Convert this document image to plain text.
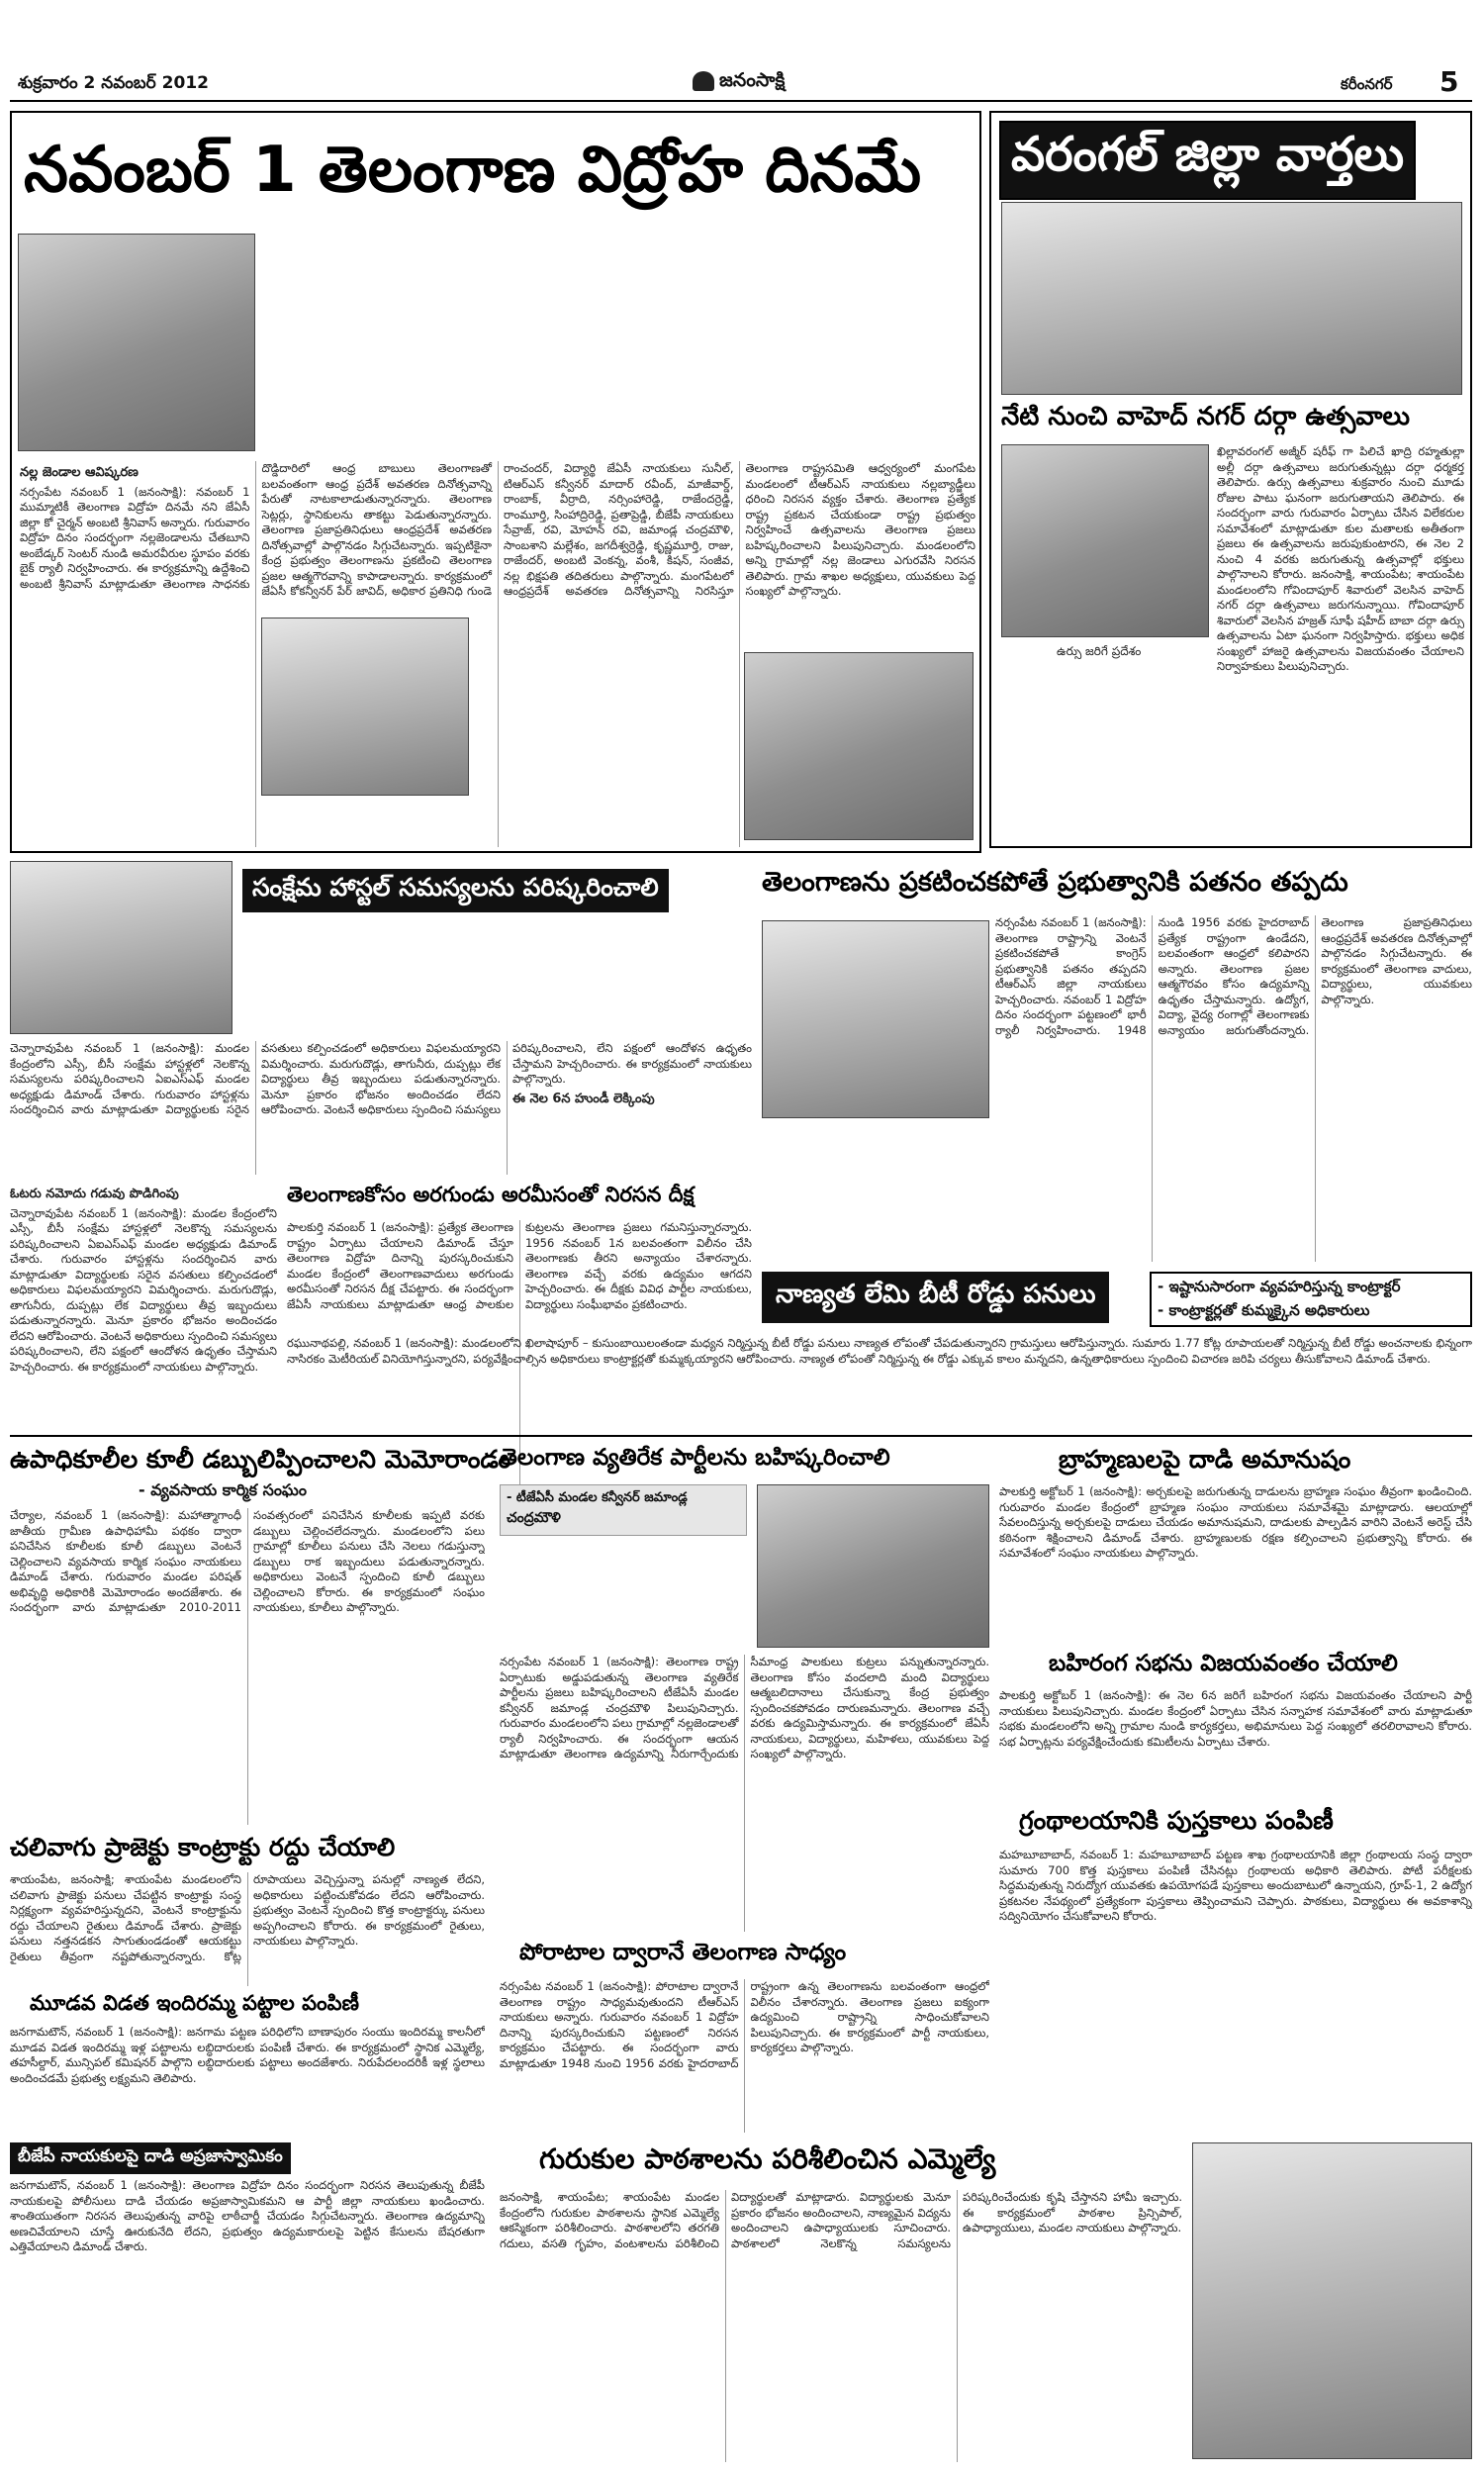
శుక్రవారం 2 నవంబర్ 2012	జనంసాక్షి	కరీంనగర్ 5
నవంబర్ 1 తెలంగాణ విద్రోహ దినమే
నల్ల జెండాల ఆవిష్కరణ
నర్సంపేట నవంబర్ 1 (జనంసాక్షి): నవంబర్ 1 ముమ్మాటికీ తెలంగాణ విద్రోహ దినమే నని జేఏసీ జిల్లా కో చైర్మన్ అంబటి శ్రీనివాస్ అన్నారు. గురువారం విద్రోహ దినం సందర్భంగా నల్లజెండాలను చేతబూని అంబేడ్కర్ సెంటర్ నుండి అమరవీరుల స్థూపం వరకు బైక్ ర్యాలీ నిర్వహించారు. ఈ కార్యక్రమాన్ని ఉద్దేశించి అంబటి శ్రీనివాస్ మాట్లాడుతూ తెలంగాణ సాధనకు దొడ్డిదారిలో ఆంధ్ర బాబులు తెలంగాణతో బలవంతంగా ఆంధ్ర ప్రదేశ్ అవతరణ దినోత్సవాన్ని పేరుతో నాటకాలాడుతున్నారన్నారు. తెలంగాణ సెట్లర్లు, స్థానికులను తాకట్టు పెడుతున్నారన్నారు. తెలంగాణ ప్రజాప్రతినిధులు ఆంధ్రప్రదేశ్ అవతరణ దినోత్సవాల్లో పాల్గొనడం సిగ్గుచేటన్నారు. ఇప్పటికైనా కేంద్ర ప్రభుత్వం తెలంగాణను ప్రకటించి తెలంగాణ ప్రజల ఆత్మగౌరవాన్ని కాపాడాలన్నారు. కార్యక్రమంలో జేఏసీ కోకన్వీనర్ పేర్ జావిద్, అధికార ప్రతినిధి గుండె రాంచందర్, విద్యార్థి జేఏసీ నాయకులు సునీల్, టిఆర్ఎస్ కన్వీనర్ మాదార్ రవీంద్, మాజీవార్డ్, రాంబాక్, వీర్రాది, నర్సింహారెడ్డి, రాజేందర్రెడ్డి, రాంమూర్తి, సింహాద్రిరెడ్డి, ప్రతాప్రెడ్డి, బీజేపీ నాయకులు సేవ్రాజ్, రవి, మోహన్ రవి, జమాండ్ల చంద్రమౌళి, సాంబశాని మల్లేశం, జగదీశ్వర్రెడ్డి, కృష్ణమూర్తి, రాజు, రాజేందర్, అంబటి వెంకన్న, వంశీ, కిషన్, సంజీవ, నల్ల భిక్షపతి తదితరులు పాల్గొన్నారు. మంగపేటలో ఆంధ్రప్రదేశ్ అవతరణ దినోత్సవాన్ని నిరసిస్తూ తెలంగాణ రాష్ట్రసమితి ఆధ్వర్యంలో మంగపేట మండలంలో టీఆర్ఎస్ నాయకులు నల్లబ్యాడ్జీలు ధరించి నిరసన వ్యక్తం చేశారు. తెలంగాణ ప్రత్యేక రాష్ట్ర ప్రకటన చేయకుండా రాష్ట్ర ప్రభుత్వం నిర్వహించే ఉత్సవాలను తెలంగాణ ప్రజలు బహిష్కరించాలని పిలుపునిచ్చారు. మండలంలోని అన్ని గ్రామాల్లో నల్ల జెండాలు ఎగురవేసి నిరసన తెలిపారు. గ్రామ శాఖల అధ్యక్షులు, యువకులు పెద్ద సంఖ్యలో పాల్గొన్నారు.
వరంగల్ జిల్లా వార్తలు
నేటి నుంచి వాహెద్ నగర్ దర్గా ఉత్సవాలు
ఉర్సు జరిగే ప్రదేశం
ఖిల్లావరంగల్ అజ్మీర్ షరీఫ్ గా పిలిచే ఖాద్రి రహ్మతుల్లా అల్లీ దర్గా ఉత్సవాలు జరుగుతున్నట్లు దర్గా ధర్మకర్త తెలిపారు. ఉర్సు ఉత్సవాలు శుక్రవారం నుంచి మూడు రోజుల పాటు ఘనంగా జరుగుతాయని తెలిపారు. ఈ సందర్భంగా వారు గురువారం ఏర్పాటు చేసిన విలేకరుల సమావేశంలో మాట్లాడుతూ కుల మతాలకు అతీతంగా ప్రజలు ఈ ఉత్సవాలను జరుపుకుంటారని, ఈ నెల 2 నుంచి 4 వరకు జరుగుతున్న ఉత్సవాల్లో భక్తులు పాల్గొనాలని కోరారు. జనంసాక్షి, శాయంపేట; శాయంపేట మండలంలోని గోవిందాపూర్ శివారులో వెలసిన వాహెద్ నగర్ దర్గా ఉత్సవాలు జరుగనున్నాయి. గోవిందాపూర్ శివారులో వెలసిన హజ్రత్ సూఫీ షహీద్ బాబా దర్గా ఉర్సు ఉత్సవాలను ఏటా ఘనంగా నిర్వహిస్తారు. భక్తులు అధిక సంఖ్యలో హాజరై ఉత్సవాలను విజయవంతం చేయాలని నిర్వాహకులు పిలుపునిచ్చారు.
సంక్షేమ హాస్టల్ సమస్యలను పరిష్కరించాలి
చెన్నారావుపేట నవంబర్ 1 (జనంసాక్షి): మండల కేంద్రంలోని ఎస్సీ, బీసీ సంక్షేమ హాస్టళ్లలో నెలకొన్న సమస్యలను పరిష్కరించాలని ఏఐఎస్ఎఫ్ మండల అధ్యక్షుడు డిమాండ్ చేశారు. గురువారం హాస్టళ్లను సందర్శించిన వారు మాట్లాడుతూ విద్యార్థులకు సరైన వసతులు కల్పించడంలో అధికారులు విఫలమయ్యారని విమర్శించారు. మరుగుదొడ్లు, తాగునీరు, దుప్పట్లు లేక విద్యార్థులు తీవ్ర ఇబ్బందులు పడుతున్నారన్నారు. మెనూ ప్రకారం భోజనం అందించడం లేదని ఆరోపించారు. వెంటనే అధికారులు స్పందించి సమస్యలు పరిష్కరించాలని, లేని పక్షంలో ఆందోళన ఉధృతం చేస్తామని హెచ్చరించారు. ఈ కార్యక్రమంలో నాయకులు పాల్గొన్నారు.
ఈ నెల 6న హుండీ లెక్కింపు
తెలంగాణను ప్రకటించకపోతే ప్రభుత్వానికి పతనం తప్పదు
నర్సంపేట నవంబర్ 1 (జనంసాక్షి): తెలంగాణ రాష్ట్రాన్ని వెంటనే ప్రకటించకపోతే కాంగ్రెస్ ప్రభుత్వానికి పతనం తప్పదని టీఆర్ఎస్ జిల్లా నాయకులు హెచ్చరించారు. నవంబర్ 1 విద్రోహ దినం సందర్భంగా పట్టణంలో భారీ ర్యాలీ నిర్వహించారు. 1948 నుండి 1956 వరకు హైదరాబాద్ ప్రత్యేక రాష్ట్రంగా ఉండేదని, బలవంతంగా ఆంధ్రలో కలిపారని అన్నారు. తెలంగాణ ప్రజల ఆత్మగౌరవం కోసం ఉద్యమాన్ని ఉధృతం చేస్తామన్నారు. ఉద్యోగ, విద్యా, వైద్య రంగాల్లో తెలంగాణకు అన్యాయం జరుగుతోందన్నారు. తెలంగాణ ప్రజాప్రతినిధులు ఆంధ్రప్రదేశ్ అవతరణ దినోత్సవాల్లో పాల్గొనడం సిగ్గుచేటన్నారు. ఈ కార్యక్రమంలో తెలంగాణ వాదులు, విద్యార్థులు, యువకులు పాల్గొన్నారు.
తెలంగాణకోసం అరగుండు అరమీసంతో నిరసన దీక్ష
పాలకుర్తి నవంబర్ 1 (జనంసాక్షి): ప్రత్యేక తెలంగాణ రాష్ట్రం ఏర్పాటు చేయాలని డిమాండ్ చేస్తూ తెలంగాణ విద్రోహ దినాన్ని పురస్కరించుకుని మండల కేంద్రంలో తెలంగాణవాదులు అరగుండు అరమీసంతో నిరసన దీక్ష చేపట్టారు. ఈ సందర్భంగా జేఏసీ నాయకులు మాట్లాడుతూ ఆంధ్ర పాలకుల కుట్రలను తెలంగాణ ప్రజలు గమనిస్తున్నారన్నారు. 1956 నవంబర్ 1న బలవంతంగా విలీనం చేసి తెలంగాణకు తీరని అన్యాయం చేశారన్నారు. తెలంగాణ వచ్చే వరకు ఉద్యమం ఆగదని హెచ్చరించారు. ఈ దీక్షకు వివిధ పార్టీల నాయకులు, విద్యార్థులు సంఘీభావం ప్రకటించారు.
ఓటరు నమోదు గడువు పొడిగింపు
చెన్నారావుపేట నవంబర్ 1 (జనంసాక్షి): మండల కేంద్రంలోని ఎస్సీ, బీసీ సంక్షేమ హాస్టళ్లలో నెలకొన్న సమస్యలను పరిష్కరించాలని ఏఐఎస్ఎఫ్ మండల అధ్యక్షుడు డిమాండ్ చేశారు. గురువారం హాస్టళ్లను సందర్శించిన వారు మాట్లాడుతూ విద్యార్థులకు సరైన వసతులు కల్పించడంలో అధికారులు విఫలమయ్యారని విమర్శించారు. మరుగుదొడ్లు, తాగునీరు, దుప్పట్లు లేక విద్యార్థులు తీవ్ర ఇబ్బందులు పడుతున్నారన్నారు. మెనూ ప్రకారం భోజనం అందించడం లేదని ఆరోపించారు. వెంటనే అధికారులు స్పందించి సమస్యలు పరిష్కరించాలని, లేని పక్షంలో ఆందోళన ఉధృతం చేస్తామని హెచ్చరించారు. ఈ కార్యక్రమంలో నాయకులు పాల్గొన్నారు.
నాణ్యత లేమి బీటీ రోడ్డు పనులు	- ఇష్టానుసారంగా వ్యవహరిస్తున్న కాంట్రాక్టర్
- కాంట్రాక్టర్లతో కుమ్మక్కైన అధికారులు
రఘునాథపల్లి, నవంబర్ 1 (జనంసాక్షి): మండలంలోని ఖిలాషాపూర్ – కుసుంబాయిలంతండా మధ్యన నిర్మిస్తున్న బీటీ రోడ్డు పనులు నాణ్యత లోపంతో చేపడుతున్నారని గ్రామస్తులు ఆరోపిస్తున్నారు. సుమారు 1.77 కోట్ల రూపాయలతో నిర్మిస్తున్న బీటీ రోడ్డు అంచనాలకు భిన్నంగా నాసిరకం మెటీరియల్ వినియోగిస్తున్నారని, పర్యవేక్షించాల్సిన అధికారులు కాంట్రాక్టర్లతో కుమ్మక్కయ్యారని ఆరోపించారు. నాణ్యత లోపంతో నిర్మిస్తున్న ఈ రోడ్డు ఎక్కువ కాలం మన్నదని, ఉన్నతాధికారులు స్పందించి విచారణ జరిపి చర్యలు తీసుకోవాలని డిమాండ్ చేశారు.
ఉపాధికూలీల కూలీ డబ్బులిప్పించాలని మెమోరాండం
- వ్యవసాయ కార్మిక సంఘం
చేర్యాల, నవంబర్ 1 (జనంసాక్షి): మహాత్మాగాంధీ జాతీయ గ్రామీణ ఉపాధిహామీ పథకం ద్వారా పనిచేసిన కూలీలకు కూలీ డబ్బులు వెంటనే చెల్లించాలని వ్యవసాయ కార్మిక సంఘం నాయకులు డిమాండ్ చేశారు. గురువారం మండల పరిషత్ అభివృద్ధి అధికారికి మెమోరాండం అందజేశారు. ఈ సందర్భంగా వారు మాట్లాడుతూ 2010-2011 సంవత్సరంలో పనిచేసిన కూలీలకు ఇప్పటి వరకు డబ్బులు చెల్లించలేదన్నారు. మండలంలోని పలు గ్రామాల్లో కూలీలు పనులు చేసి నెలలు గడుస్తున్నా డబ్బులు రాక ఇబ్బందులు పడుతున్నారన్నారు. అధికారులు వెంటనే స్పందించి కూలీ డబ్బులు చెల్లించాలని కోరారు. ఈ కార్యక్రమంలో సంఘం నాయకులు, కూలీలు పాల్గొన్నారు.
చలివాగు ప్రాజెక్టు కాంట్రాక్టు రద్దు చేయాలి
శాయంపేట, జనంసాక్షి; శాయంపేట మండలంలోని చలివాగు ప్రాజెక్టు పనులు చేపట్టిన కాంట్రాక్టు సంస్థ నిర్లక్ష్యంగా వ్యవహరిస్తున్నదని, వెంటనే కాంట్రాక్టును రద్దు చేయాలని రైతులు డిమాండ్ చేశారు. ప్రాజెక్టు పనులు నత్తనడకన సాగుతుండడంతో ఆయకట్టు రైతులు తీవ్రంగా నష్టపోతున్నారన్నారు. కోట్ల రూపాయలు వెచ్చిస్తున్నా పనుల్లో నాణ్యత లేదని, అధికారులు పట్టించుకోవడం లేదని ఆరోపించారు. ప్రభుత్వం వెంటనే స్పందించి కొత్త కాంట్రాక్టర్కు పనులు అప్పగించాలని కోరారు. ఈ కార్యక్రమంలో రైతులు, నాయకులు పాల్గొన్నారు.
మూడవ విడత ఇందిరమ్మ పట్టాల పంపిణీ
జనగామటౌన్, నవంబర్ 1 (జనంసాక్షి): జనగామ పట్టణ పరిధిలోని బాణాపురం సంయు ఇందిరమ్మ కాలనీలో మూడవ విడత ఇందిరమ్మ ఇళ్ల పట్టాలను లబ్ధిదారులకు పంపిణీ చేశారు. ఈ కార్యక్రమంలో స్థానిక ఎమ్మెల్యే, తహసీల్దార్, మున్సిపల్ కమిషనర్ పాల్గొని లబ్ధిదారులకు పట్టాలు అందజేశారు. నిరుపేదలందరికీ ఇళ్ల స్థలాలు అందించడమే ప్రభుత్వ లక్ష్యమని తెలిపారు.
బీజేపీ నాయకులపై దాడి అప్రజాస్వామికం
జనగామటౌన్, నవంబర్ 1 (జనంసాక్షి): తెలంగాణ విద్రోహ దినం సందర్భంగా నిరసన తెలుపుతున్న బీజేపీ నాయకులపై పోలీసులు దాడి చేయడం అప్రజాస్వామికమని ఆ పార్టీ జిల్లా నాయకులు ఖండించారు. శాంతియుతంగా నిరసన తెలుపుతున్న వారిపై లాఠీచార్జీ చేయడం సిగ్గుచేటన్నారు. తెలంగాణ ఉద్యమాన్ని అణచివేయాలని చూస్తే ఊరుకునేది లేదని, ప్రభుత్వం ఉద్యమకారులపై పెట్టిన కేసులను బేషరతుగా ఎత్తివేయాలని డిమాండ్ చేశారు.
తెలంగాణ వ్యతిరేక పార్టీలను బహిష్కరించాలి
- టీజేఏసీ మండల కన్వీనర్ జమాండ్ల
చంద్రమౌళి
నర్సంపేట నవంబర్ 1 (జనంసాక్షి): తెలంగాణ రాష్ట్ర ఏర్పాటుకు అడ్డుపడుతున్న తెలంగాణ వ్యతిరేక పార్టీలను ప్రజలు బహిష్కరించాలని టీజేఏసీ మండల కన్వీనర్ జమాండ్ల చంద్రమౌళి పిలుపునిచ్చారు. గురువారం మండలంలోని పలు గ్రామాల్లో నల్లజెండాలతో ర్యాలీ నిర్వహించారు. ఈ సందర్భంగా ఆయన మాట్లాడుతూ తెలంగాణ ఉద్యమాన్ని నీరుగార్చేందుకు సీమాంధ్ర పాలకులు కుట్రలు పన్నుతున్నారన్నారు. తెలంగాణ కోసం వందలాది మంది విద్యార్థులు ఆత్మబలిదానాలు చేసుకున్నా కేంద్ర ప్రభుత్వం స్పందించకపోవడం దారుణమన్నారు. తెలంగాణ వచ్చే వరకు ఉద్యమిస్తామన్నారు. ఈ కార్యక్రమంలో జేఏసీ నాయకులు, విద్యార్థులు, మహిళలు, యువకులు పెద్ద సంఖ్యలో పాల్గొన్నారు.
పోరాటాల ద్వారానే తెలంగాణ సాధ్యం
నర్సంపేట నవంబర్ 1 (జనంసాక్షి): పోరాటాల ద్వారానే తెలంగాణ రాష్ట్రం సాధ్యమవుతుందని టీఆర్ఎస్ నాయకులు అన్నారు. గురువారం నవంబర్ 1 విద్రోహ దినాన్ని పురస్కరించుకుని పట్టణంలో నిరసన కార్యక్రమం చేపట్టారు. ఈ సందర్భంగా వారు మాట్లాడుతూ 1948 నుంచి 1956 వరకు హైదరాబాద్ రాష్ట్రంగా ఉన్న తెలంగాణను బలవంతంగా ఆంధ్రలో విలీనం చేశారన్నారు. తెలంగాణ ప్రజలు ఐక్యంగా ఉద్యమించి రాష్ట్రాన్ని సాధించుకోవాలని పిలుపునిచ్చారు. ఈ కార్యక్రమంలో పార్టీ నాయకులు, కార్యకర్తలు పాల్గొన్నారు.
బ్రాహ్మణులపై దాడి అమానుషం
పాలకుర్తి అక్టోబర్ 1 (జనంసాక్షి): అర్చకులపై జరుగుతున్న దాడులను బ్రాహ్మణ సంఘం తీవ్రంగా ఖండించింది. గురువారం మండల కేంద్రంలో బ్రాహ్మణ సంఘం నాయకులు సమావేశమై మాట్లాడారు. ఆలయాల్లో సేవలందిస్తున్న అర్చకులపై దాడులు చేయడం అమానుషమని, దాడులకు పాల్పడిన వారిని వెంటనే అరెస్ట్ చేసి కఠినంగా శిక్షించాలని డిమాండ్ చేశారు. బ్రాహ్మణులకు రక్షణ కల్పించాలని ప్రభుత్వాన్ని కోరారు. ఈ సమావేశంలో సంఘం నాయకులు పాల్గొన్నారు.
బహిరంగ సభను విజయవంతం చేయాలి
పాలకుర్తి అక్టోబర్ 1 (జనంసాక్షి): ఈ నెల 6న జరిగే బహిరంగ సభను విజయవంతం చేయాలని పార్టీ నాయకులు పిలుపునిచ్చారు. మండల కేంద్రంలో ఏర్పాటు చేసిన సన్నాహక సమావేశంలో వారు మాట్లాడుతూ సభకు మండలంలోని అన్ని గ్రామాల నుండి కార్యకర్తలు, అభిమానులు పెద్ద సంఖ్యలో తరలిరావాలని కోరారు. సభ ఏర్పాట్లను పర్యవేక్షించేందుకు కమిటీలను ఏర్పాటు చేశారు.
గ్రంథాలయానికి పుస్తకాలు పంపిణీ
మహబూబాబాద్, నవంబర్ 1: మహబూబాబాద్ పట్టణ శాఖ గ్రంథాలయానికి జిల్లా గ్రంథాలయ సంస్థ ద్వారా సుమారు 700 కొత్త పుస్తకాలు పంపిణీ చేసినట్లు గ్రంథాలయ అధికారి తెలిపారు. పోటీ పరీక్షలకు సిద్ధమవుతున్న నిరుద్యోగ యువతకు ఉపయోగపడే పుస్తకాలు అందుబాటులో ఉన్నాయని, గ్రూప్-1, 2 ఉద్యోగ ప్రకటనల నేపథ్యంలో ప్రత్యేకంగా పుస్తకాలు తెప్పించామని చెప్పారు. పాఠకులు, విద్యార్థులు ఈ అవకాశాన్ని సద్వినియోగం చేసుకోవాలని కోరారు.
గురుకుల పాఠశాలను పరిశీలించిన ఎమ్మెల్యే
జనంసాక్షి, శాయంపేట; శాయంపేట మండల కేంద్రంలోని గురుకుల పాఠశాలను స్థానిక ఎమ్మెల్యే ఆకస్మికంగా పరిశీలించారు. పాఠశాలలోని తరగతి గదులు, వసతి గృహం, వంటశాలను పరిశీలించి విద్యార్థులతో మాట్లాడారు. విద్యార్థులకు మెనూ ప్రకారం భోజనం అందించాలని, నాణ్యమైన విద్యను అందించాలని ఉపాధ్యాయులకు సూచించారు. పాఠశాలలో నెలకొన్న సమస్యలను పరిష్కరించేందుకు కృషి చేస్తానని హామీ ఇచ్చారు. ఈ కార్యక్రమంలో పాఠశాల ప్రిన్సిపాల్, ఉపాధ్యాయులు, మండల నాయకులు పాల్గొన్నారు.
